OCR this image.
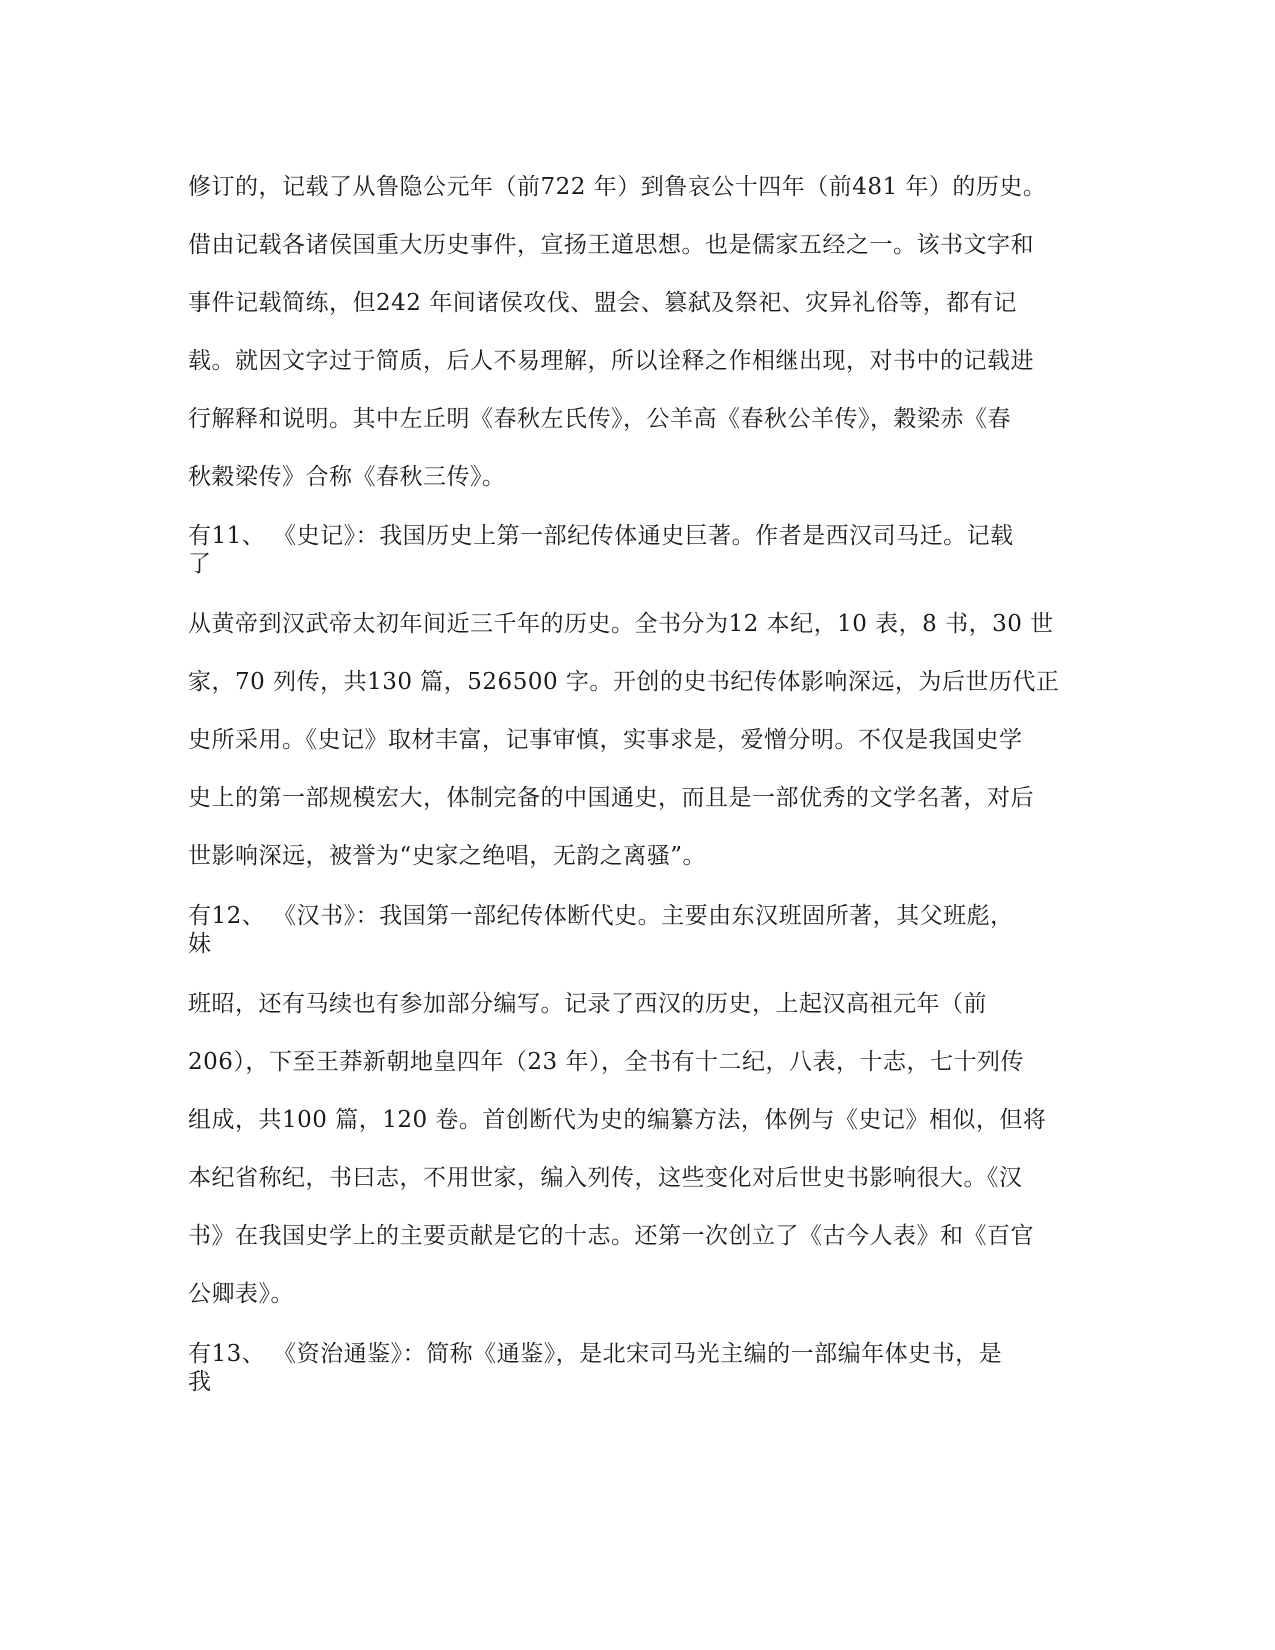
修订的，记载了从鲁隐公元年（前722 年）到鲁哀公十四年（前481 年）的历史。
借由记载各诸侯国重大历史事件，宣扬王道思想。也是儒家五经之一。该书文字和
事件记载简练，但242 年间诸侯攻伐、盟会、篡弑及祭祀、灾异礼俗等，都有记
载。就因文字过于简质，后人不易理解，所以诠释之作相继出现，对书中的记载进
行解释和说明。其中左丘明《春秋左氏传》，公羊高《春秋公羊传》，穀梁赤《春
秋穀梁传》合称《春秋三传》。
有11、 《史记》：我国历史上第一部纪传体通史巨著。作者是西汉司马迁。记载
了
从黄帝到汉武帝太初年间近三千年的历史。全书分为12 本纪，10 表，8 书，30 世
家，70 列传，共130 篇，526500 字。开创的史书纪传体影响深远，为后世历代正
史所采用。《史记》取材丰富，记事审慎，实事求是，爱憎分明。不仅是我国史学
史上的第一部规模宏大，体制完备的中国通史，而且是一部优秀的文学名著，对后
世影响深远，被誉为“史家之绝唱，无韵之离骚”。
有12、 《汉书》：我国第一部纪传体断代史。主要由东汉班固所著，其父班彪，
妹
班昭，还有马续也有参加部分编写。记录了西汉的历史，上起汉高祖元年（前
206），下至王莽新朝地皇四年（23 年），全书有十二纪，八表，十志，七十列传
组成，共100 篇，120 卷。首创断代为史的编纂方法，体例与《史记》相似，但将
本纪省称纪，书曰志，不用世家，编入列传，这些变化对后世史书影响很大。《汉
书》在我国史学上的主要贡献是它的十志。还第一次创立了《古今人表》和《百官
公卿表》。
有13、 《资治通鉴》：简称《通鉴》，是北宋司马光主编的一部编年体史书，是
我
